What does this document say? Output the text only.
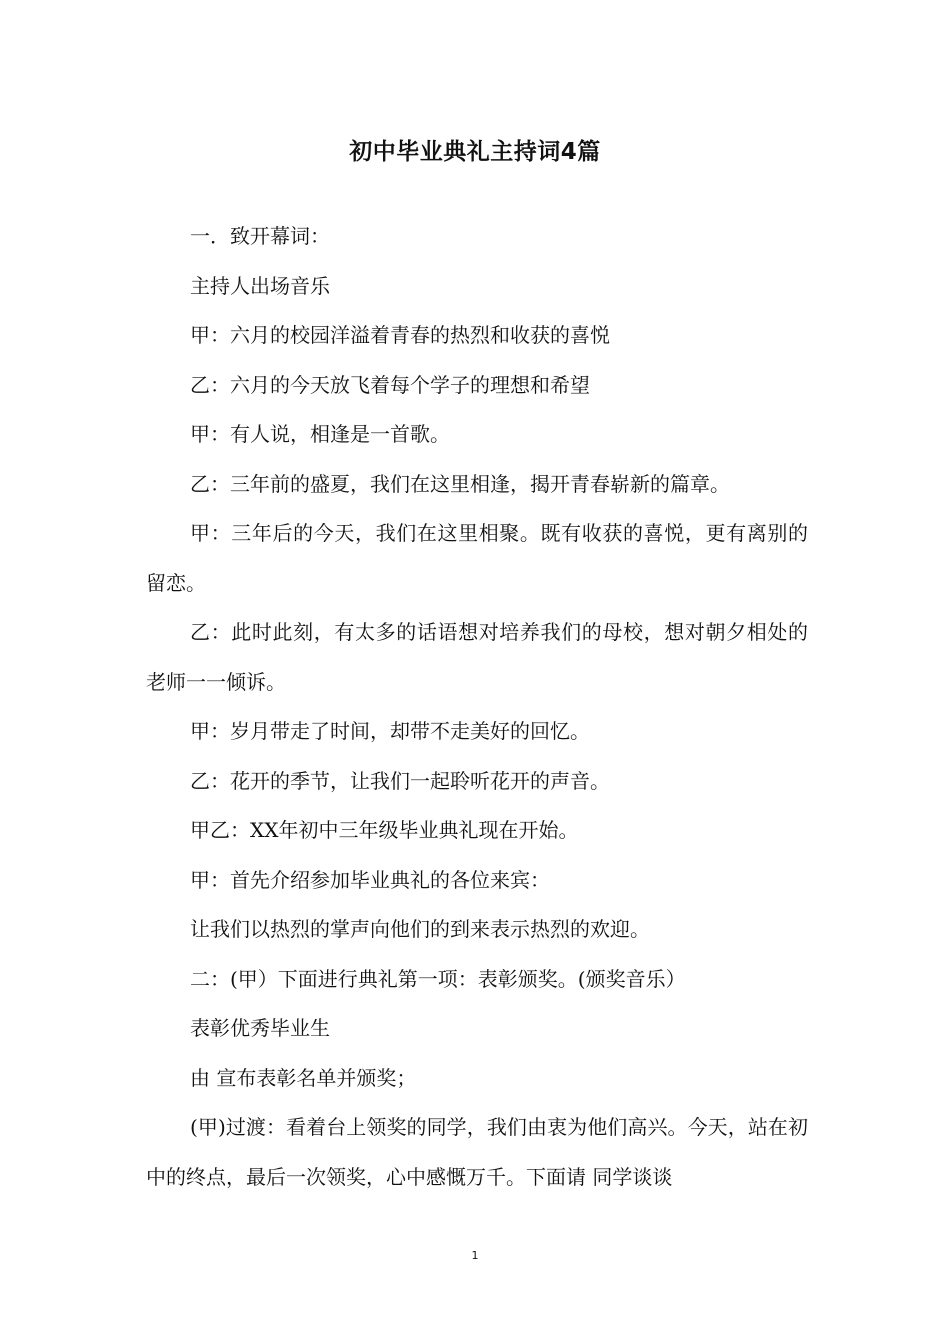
初中毕业典礼主持词4篇

一．致开幕词：

主持人出场音乐

甲：六月的校园洋溢着青春的热烈和收获的喜悦

乙：六月的今天放飞着每个学子的理想和希望

甲：有人说，相逢是一首歌。

乙：三年前的盛夏，我们在这里相逢，揭开青春崭新的篇章。

甲：三年后的今天，我们在这里相聚。既有收获的喜悦，更有离别的留恋。

乙：此时此刻，有太多的话语想对培养我们的母校，想对朝夕相处的老师一一倾诉。

甲：岁月带走了时间，却带不走美好的回忆。

乙：花开的季节，让我们一起聆听花开的声音。

甲乙：XX年初中三年级毕业典礼现在开始。

甲：首先介绍参加毕业典礼的各位来宾：

让我们以热烈的掌声向他们的到来表示热烈的欢迎。

二：(甲）下面进行典礼第一项：表彰颁奖。(颁奖音乐）

表彰优秀毕业生

由 宣布表彰名单并颁奖；

(甲)过渡：看着台上领奖的同学，我们由衷为他们高兴。今天，站在初中的终点，最后一次领奖，心中感慨万千。下面请 同学谈谈

1
